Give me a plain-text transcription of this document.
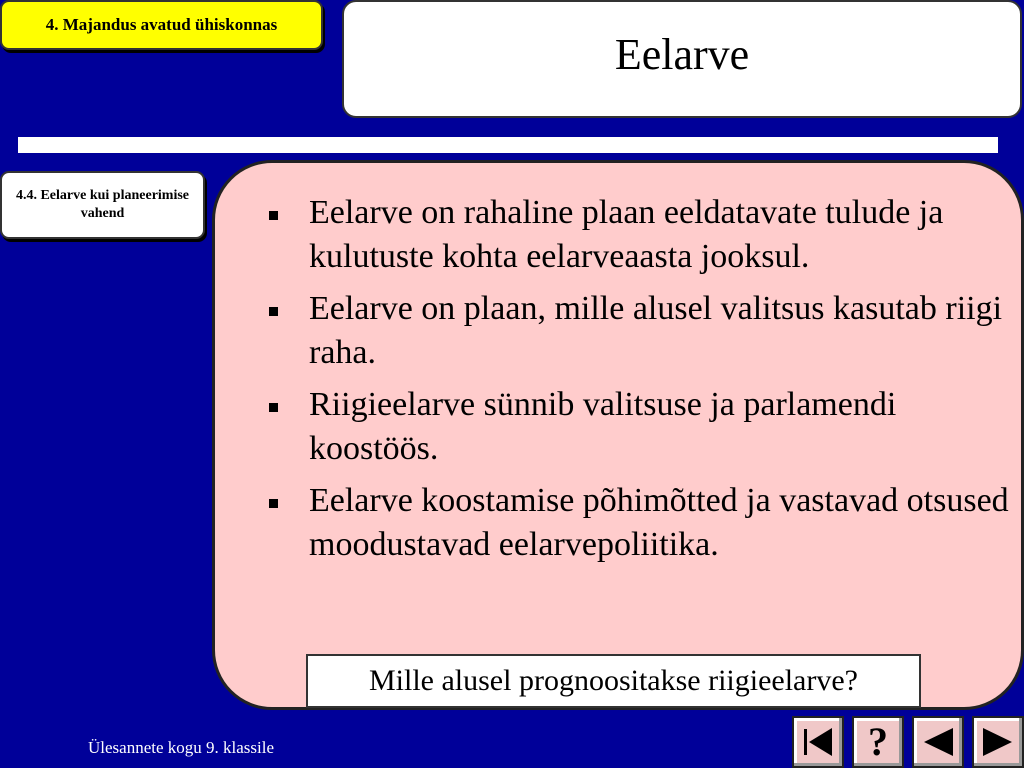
4. Majandus avatud ühiskonnas
Eelarve
4.4. Eelarve kui planeerimise vahend	Eelarve on rahaline plaan eeldatavate tulude ja kulutuste kohta eelarveaasta jooksul.
Eelarve on plaan, mille alusel valitsus kasutab riigi raha.
Riigieelarve sünnib valitsuse ja parlamendi koostöös.
Eelarve koostamise põhimõtted ja vastavad otsused moodustavad eelarvepoliitika.
Mille alusel prognoositakse riigieelarve?
Ülesannete kogu 9. klassile	?
